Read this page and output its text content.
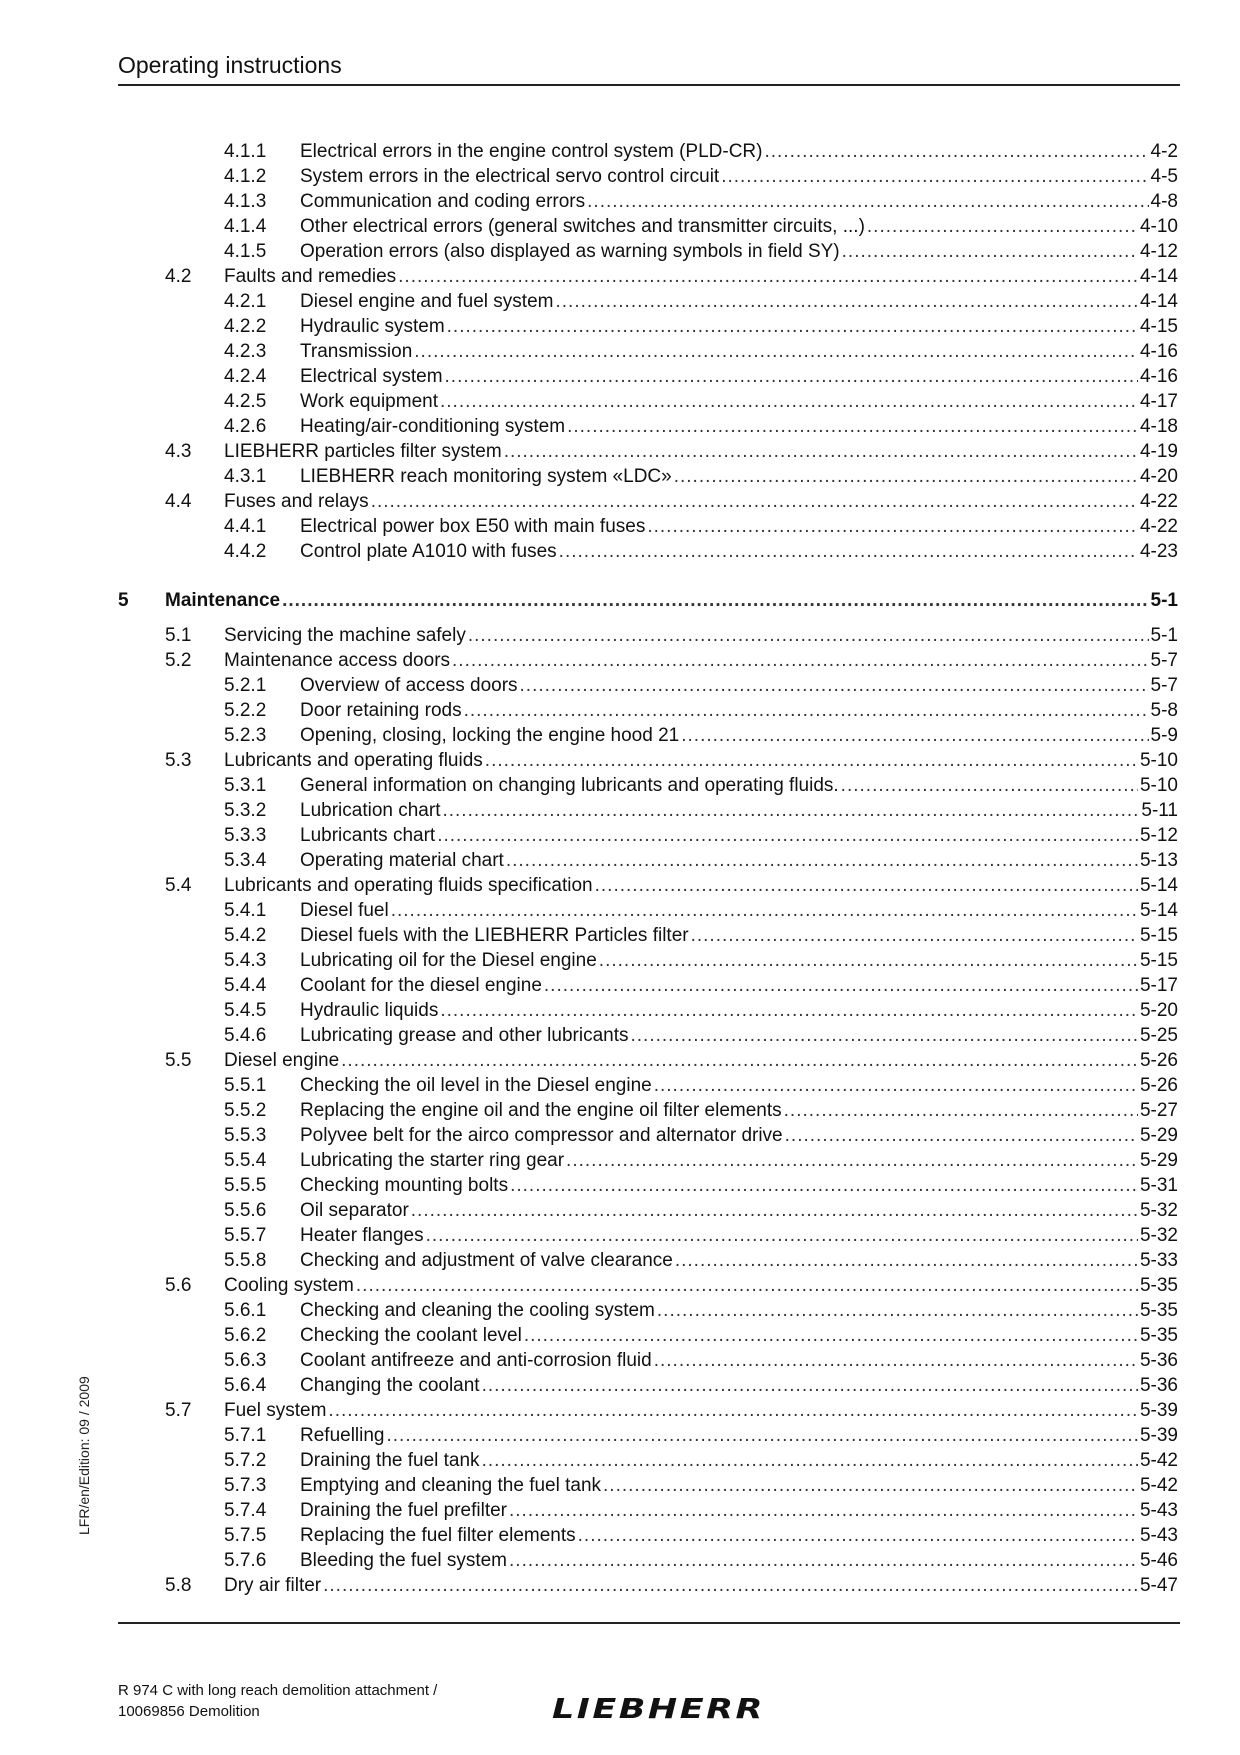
Operating instructions
4.1.1 Electrical errors in the engine control system (PLD-CR) .....	4-2
4.1.2 System errors in the electrical servo control circuit .....	4-5
4.1.3 Communication and coding errors .....	4-8
4.1.4 Other electrical errors (general switches and transmitter circuits, ...) .....	4-10
4.1.5 Operation errors (also displayed as warning symbols in field SY) .....	4-12
4.2 Faults and remedies .....	4-14
4.2.1 Diesel engine and fuel system .....	4-14
4.2.2 Hydraulic system .....	4-15
4.2.3 Transmission .....	4-16
4.2.4 Electrical system .....	4-16
4.2.5 Work equipment .....	4-17
4.2.6 Heating/air-conditioning system .....	4-18
4.3 LIEBHERR particles filter system .....	4-19
4.3.1 LIEBHERR reach monitoring system «LDC» .....	4-20
4.4 Fuses and relays .....	4-22
4.4.1 Electrical power box E50 with main fuses .....	4-22
4.4.2 Control plate A1010 with fuses .....	4-23
5 Maintenance .....	5-1
5.1 Servicing the machine safely .....	5-1
5.2 Maintenance access doors .....	5-7
5.2.1 Overview of access doors .....	5-7
5.2.2 Door retaining rods .....	5-8
5.2.3 Opening, closing, locking the engine hood 21 .....	5-9
5.3 Lubricants and operating fluids .....	5-10
5.3.1 General information on changing lubricants and operating fluids. .....	5-10
5.3.2 Lubrication chart .....	5-11
5.3.3 Lubricants chart .....	5-12
5.3.4 Operating material chart .....	5-13
5.4 Lubricants and operating fluids specification .....	5-14
5.4.1 Diesel fuel .....	5-14
5.4.2 Diesel fuels with the LIEBHERR Particles filter .....	5-15
5.4.3 Lubricating oil for the Diesel engine .....	5-15
5.4.4 Coolant for the diesel engine .....	5-17
5.4.5 Hydraulic liquids .....	5-20
5.4.6 Lubricating grease and other lubricants .....	5-25
5.5 Diesel engine .....	5-26
5.5.1 Checking the oil level in the Diesel engine .....	5-26
5.5.2 Replacing the engine oil and the engine oil filter elements .....	5-27
5.5.3 Polyvee belt for the airco compressor and alternator drive .....	5-29
5.5.4 Lubricating the starter ring gear .....	5-29
5.5.5 Checking mounting bolts .....	5-31
5.5.6 Oil separator .....	5-32
5.5.7 Heater flanges .....	5-32
5.5.8 Checking and adjustment of valve clearance .....	5-33
5.6 Cooling system .....	5-35
5.6.1 Checking and cleaning the cooling system .....	5-35
5.6.2 Checking the coolant level .....	5-35
5.6.3 Coolant antifreeze and anti-corrosion fluid .....	5-36
5.6.4 Changing the coolant .....	5-36
5.7 Fuel system .....	5-39
5.7.1 Refuelling .....	5-39
5.7.2 Draining the fuel tank .....	5-42
5.7.3 Emptying and cleaning the fuel tank .....	5-42
5.7.4 Draining the fuel prefilter .....	5-43
5.7.5 Replacing the fuel filter elements .....	5-43
5.7.6 Bleeding the fuel system .....	5-46
5.8 Dry air filter .....	5-47
LFR/en/Edition: 09 / 2009
R 974 C with long reach demolition attachment /
10069856 Demolition	LIEBHERR
